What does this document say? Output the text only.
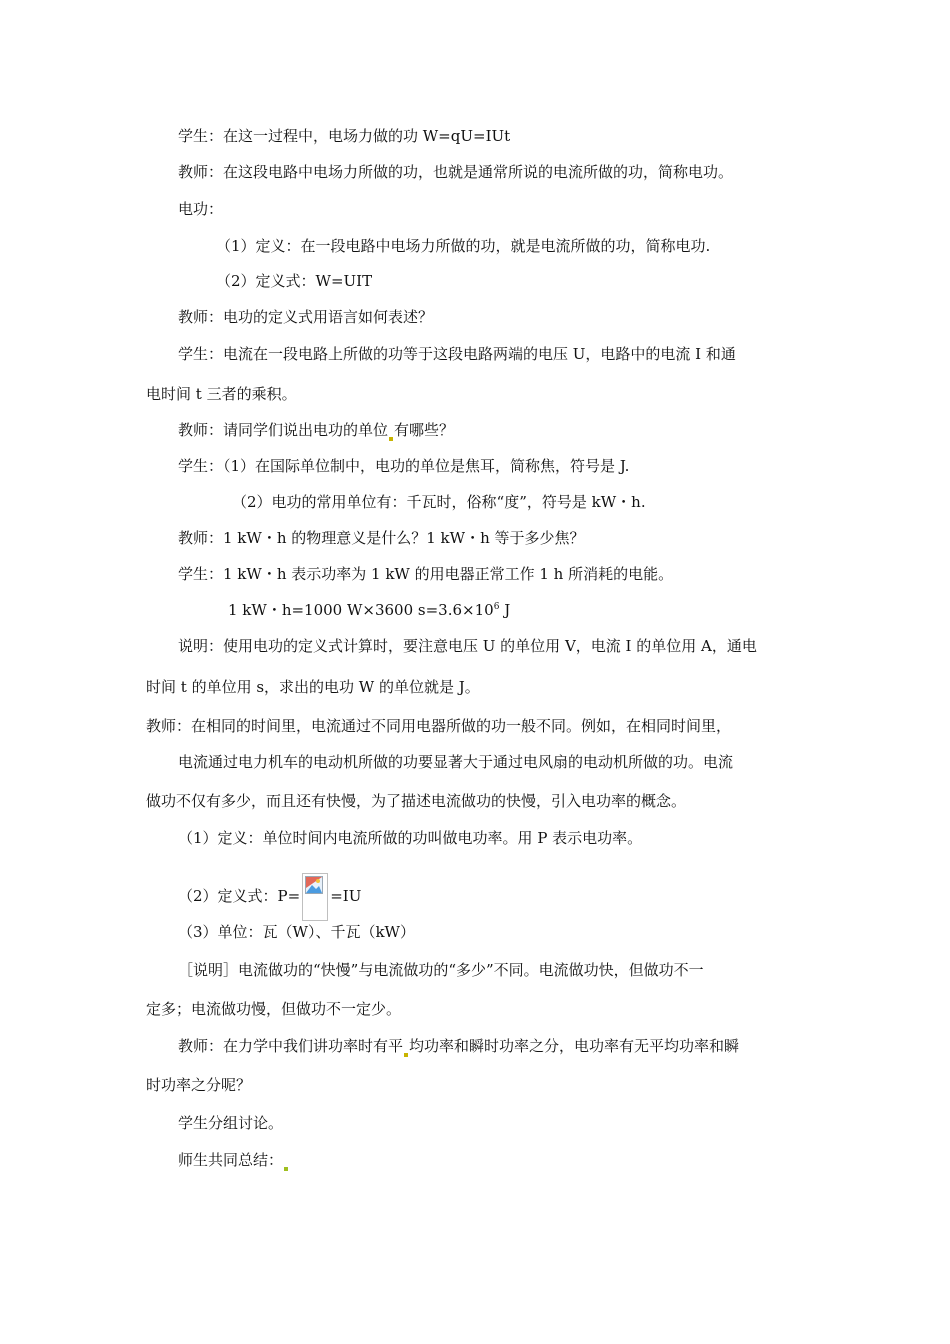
学生：在这一过程中，电场力做的功 W=qU=IUt
教师：在这段电路中电场力所做的功，也就是通常所说的电流所做的功，简称电功。
电功：
（1）定义：在一段电路中电场力所做的功，就是电流所做的功，简称电功.
（2）定义式：W=UIT
教师：电功的定义式用语言如何表述？
学生：电流在一段电路上所做的功等于这段电路两端的电压 U，电路中的电流 I 和通
电时间 t 三者的乘积。
教师：请同学们说出电功的单位 有哪些？
学生：（1）在国际单位制中，电功的单位是焦耳，简称焦，符号是 J.
（2）电功的常用单位有：千瓦时，俗称“度”，符号是 kW・h.
教师：1 kW・h 的物理意义是什么？1 kW・h 等于多少焦？
学生：1 kW・h 表示功率为 1 kW 的用电器正常工作 1 h 所消耗的电能。
1 kW・h=1000 W×3600 $s=3.6\times 10^6$ J
说明：使用电功的定义式计算时，要注意电压 U 的单位用 V，电流 I 的单位用 A，通电
时间 t 的单位用 s，求出的电功 W 的单位就是 J。
教师：在相同的时间里，电流通过不同用电器所做的功一般不同。例如，在相同时间里，
电流通过电力机车的电动机所做的功要显著大于通过电风扇的电动机所做的功。电流
做功不仅有多少，而且还有快慢，为了描述电流做功的快慢，引入电功率的概念。
（1）定义：单位时间内电流所做的功叫做电功率。用 P 表示电功率。
（2）定义式：P= =IU
（3）单位：瓦（W）、千瓦（kW）
［说明］电流做功的“快慢”与电流做功的“多少”不同。电流做功快，但做功不一
定多；电流做功慢，但做功不一定少。
教师：在力学中我们讲功率时有平 均功率和瞬时功率之分，电功率有无平均功率和瞬
时功率之分呢？
学生分组讨论。
师生共同总结：
